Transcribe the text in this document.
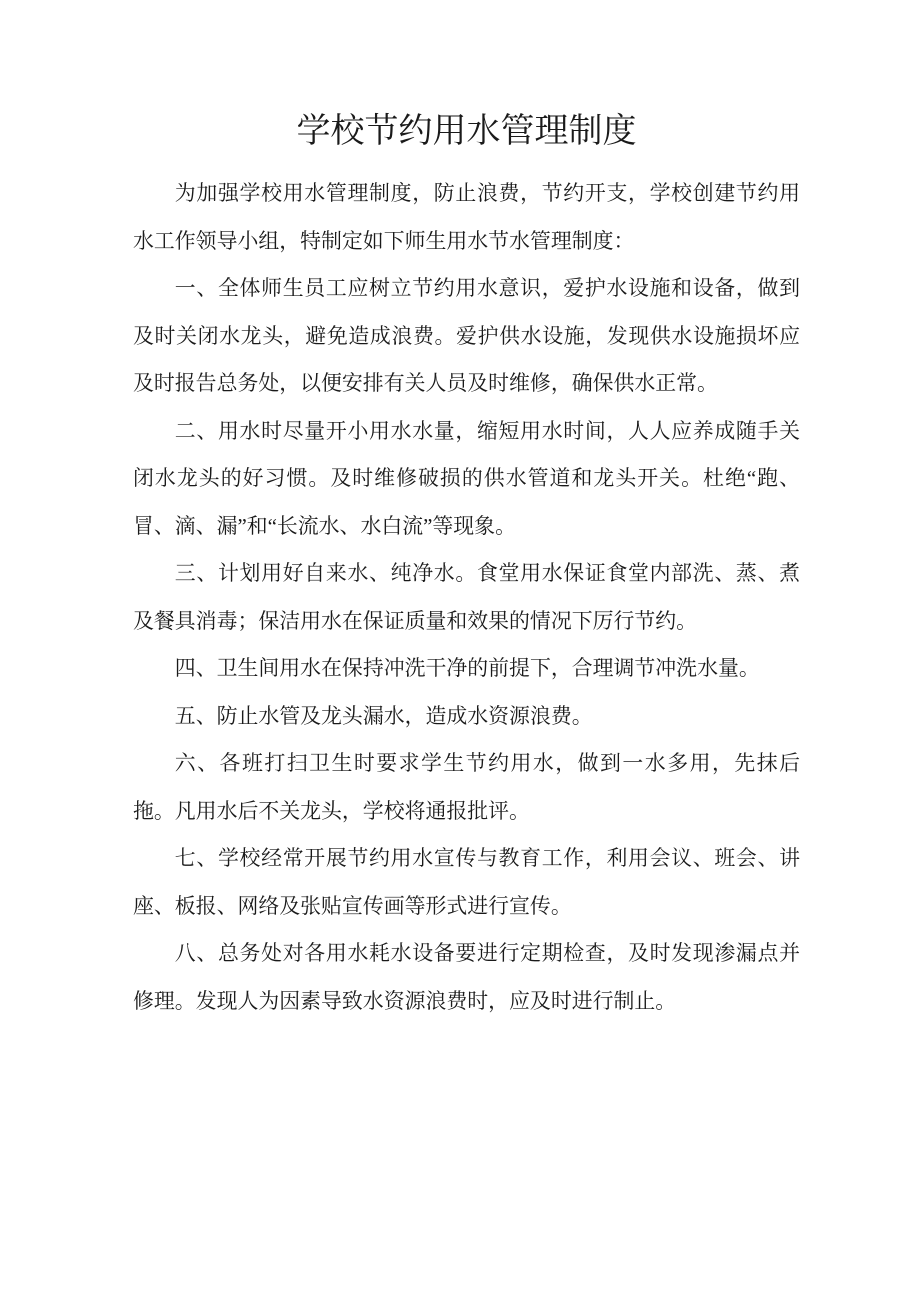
学校节约用水管理制度

为加强学校用水管理制度，防止浪费，节约开支，学校创建节约用水工作领导小组，特制定如下师生用水节水管理制度：

一、全体师生员工应树立节约用水意识，爱护水设施和设备，做到及时关闭水龙头，避免造成浪费。爱护供水设施，发现供水设施损坏应及时报告总务处，以便安排有关人员及时维修，确保供水正常。

二、用水时尽量开小用水水量，缩短用水时间，人人应养成随手关闭水龙头的好习惯。及时维修破损的供水管道和龙头开关。杜绝“跑、冒、滴、漏”和“长流水、水白流”等现象。

三、计划用好自来水、纯净水。食堂用水保证食堂内部洗、蒸、煮及餐具消毒；保洁用水在保证质量和效果的情况下厉行节约。

四、卫生间用水在保持冲洗干净的前提下，合理调节冲洗水量。

五、防止水管及龙头漏水，造成水资源浪费。

六、各班打扫卫生时要求学生节约用水，做到一水多用，先抹后拖。凡用水后不关龙头，学校将通报批评。

七、学校经常开展节约用水宣传与教育工作，利用会议、班会、讲座、板报、网络及张贴宣传画等形式进行宣传。

八、总务处对各用水耗水设备要进行定期检查，及时发现渗漏点并修理。发现人为因素导致水资源浪费时，应及时进行制止。
